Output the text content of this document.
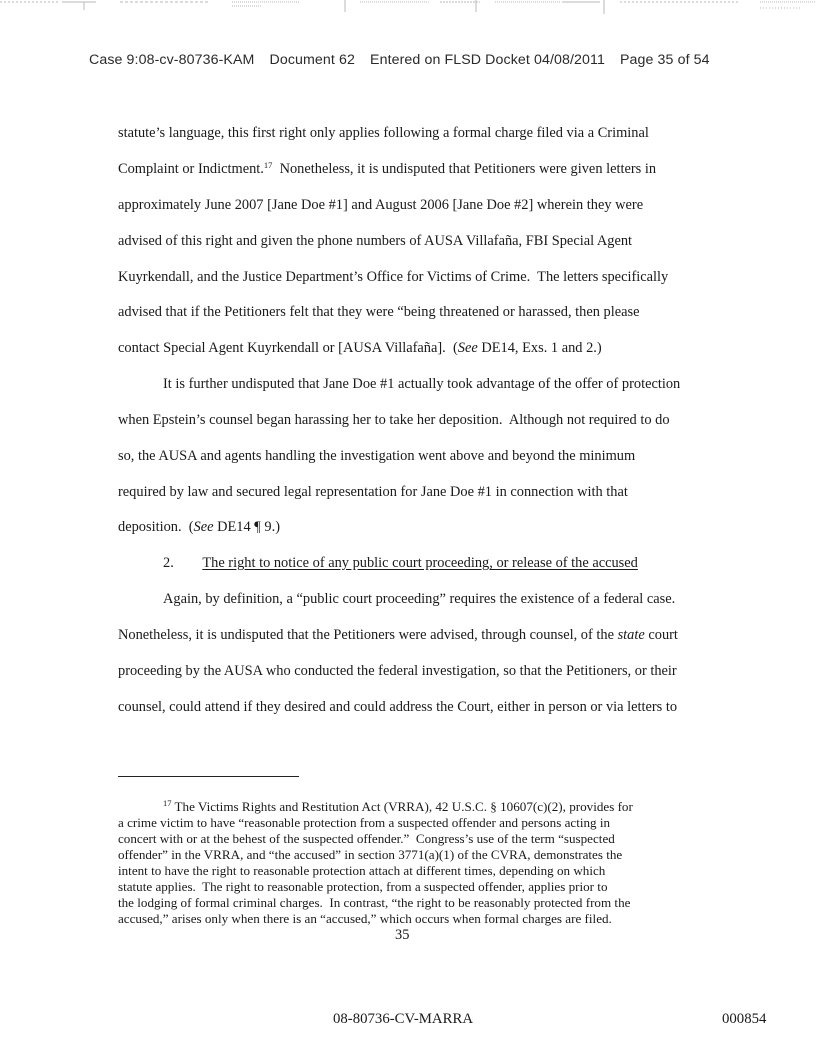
Case 9:08-cv-80736-KAM Document 62 Entered on FLSD Docket 04/08/2011 Page 35 of 54
statute’s language, this first right only applies following a formal charge filed via a Criminal
Complaint or Indictment.$^{17}$  Nonetheless, it is undisputed that Petitioners were given letters in
approximately June 2007 [Jane Doe #1] and August 2006 [Jane Doe #2] wherein they were
advised of this right and given the phone numbers of AUSA Villafaña, FBI Special Agent
Kuyrkendall, and the Justice Department’s Office for Victims of Crime.  The letters specifically
advised that if the Petitioners felt that they were “being threatened or harassed, then please
contact Special Agent Kuyrkendall or [AUSA Villafaña].  (See DE14, Exs. 1 and 2.)
It is further undisputed that Jane Doe #1 actually took advantage of the offer of protection
when Epstein’s counsel began harassing her to take her deposition.  Although not required to do
so, the AUSA and agents handling the investigation went above and beyond the minimum
required by law and secured legal representation for Jane Doe #1 in connection with that
deposition.  (See DE14 ¶ 9.)
2. The right to notice of any public court proceeding, or release of the accused
Again, by definition, a “public court proceeding” requires the existence of a federal case.
Nonetheless, it is undisputed that the Petitioners were advised, through counsel, of the state court
proceeding by the AUSA who conducted the federal investigation, so that the Petitioners, or their
counsel, could attend if they desired and could address the Court, either in person or via letters to
$^{17}$ The Victims Rights and Restitution Act (VRRA), 42 U.S.C. § 10607(c)(2), provides for
a crime victim to have “reasonable protection from a suspected offender and persons acting in
concert with or at the behest of the suspected offender.”  Congress’s use of the term “suspected
offender” in the VRRA, and “the accused” in section 3771(a)(1) of the CVRA, demonstrates the
intent to have the right to reasonable protection attach at different times, depending on which
statute applies.  The right to reasonable protection, from a suspected offender, applies prior to
the lodging of formal criminal charges.  In contrast, “the right to be reasonably protected from the
accused,” arises only when there is an “accused,” which occurs when formal charges are filed.
35
08-80736-CV-MARRA	000854
